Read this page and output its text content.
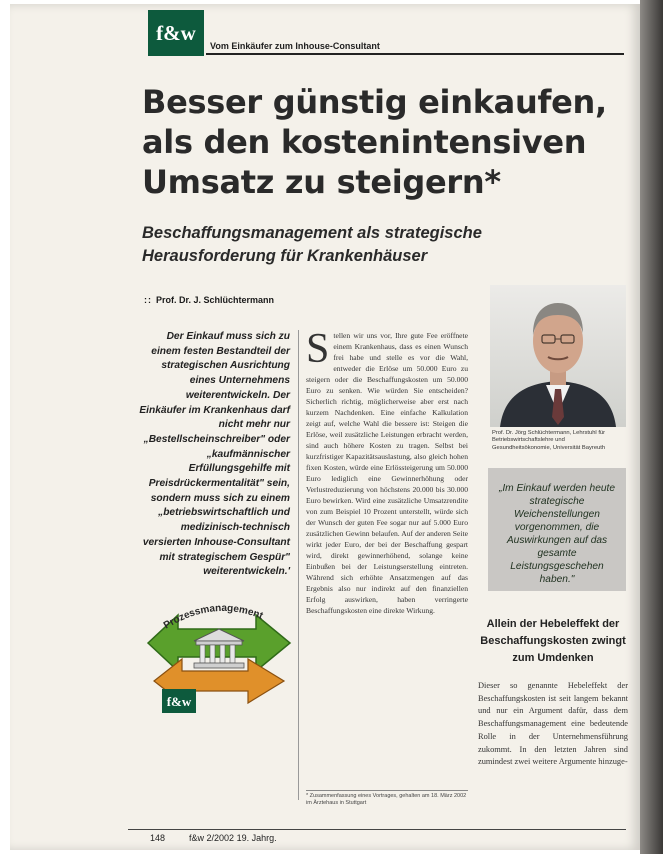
f&w
Vom Einkäufer zum Inhouse-Consultant
Besser günstig einkaufen,
als den kostenintensiven
Umsatz zu steigern*
Beschaffungsmanagement als strategische
Herausforderung für Krankenhäuser
:: Prof. Dr. J. Schlüchtermann
Der Einkauf muss sich zu einem festen Bestandteil der strategischen Ausrichtung eines Unternehmens weiterentwickeln. Der Einkäufer im Krankenhaus darf nicht mehr nur „Bestellscheinschreiber" oder „kaufmännischer Erfüllungsgehilfe mit Preisdrückermentalität" sein, sondern muss sich zu einem „betriebswirtschaftlich und medizinisch-technisch versierten Inhouse-Consultant mit strategischem Gespür" weiterentwickeln.'

Stellen wir uns vor, Ihre gute Fee eröffnete einem Krankenhaus, dass es einen Wunsch frei habe und stelle es vor die Wahl, entweder die Erlöse um 50.000 Euro zu steigern oder die Beschaffungskosten um 50.000 Euro zu senken. Wie würden Sie entscheiden? Sicherlich richtig, möglicherweise aber erst nach kurzem Nachdenken. Eine einfache Kalkulation zeigt auf, welche Wahl die bessere ist: Steigen die Erlöse, weil zusätzliche Leistungen erbracht werden, sind auch höhere Kosten zu tragen. Selbst bei kurzfristiger Kapazitätsauslastung, also gleich hohen fixen Kosten, würde eine Erlössteigerung um 50.000 Euro lediglich eine Gewinnerhöhung oder Verlustreduzierung von höchstens 20.000 bis 30.000 Euro bewirken. Wird eine zusätzliche Umsatzrendite von zum Beispiel 10 Prozent unterstellt, würde sich der Wunsch der guten Fee sogar nur auf 5.000 Euro zusätzlichen Gewinn belaufen. Auf der anderen Seite wirkt jeder Euro, der bei der Beschaffung gespart wird, direkt gewinnerhöhend, solange keine Einbußen bei der Leistungserstellung eintreten. Während sich erhöhte Ansatzmengen auf das Ergebnis also nur indirekt auf den finanziellen Erfolg auswirken, haben verringerte Beschaffungskosten eine direkte Wirkung.

* Zusammenfassung eines Vortrages, gehalten am 18. März 2002 im Ärztehaus in Stuttgart
Prof. Dr. Jörg Schlüchtermann, Lehrstuhl für Betriebswirtschaftslehre und Gesundheitsökonomie, Universität Bayreuth
„Im Einkauf werden heute strategische Weichenstellungen vorgenommen, die Auswirkungen auf das gesamte Leistungsgeschehen haben."
Allein der Hebeleffekt der Beschaffungskosten zwingt zum Umdenken

Dieser so genannte Hebeleffekt der Beschaffungskosten ist seit langem bekannt und nur ein Argument dafür, dass dem Beschaffungsmanagement eine bedeutende Rolle in der Unternehmensführung zukommt. In den letzten Jahren sind zumindest zwei weitere Argumente hinzuge-

Prozessmanagement
f&w
148	f&w 2/2002 19. Jahrg.
